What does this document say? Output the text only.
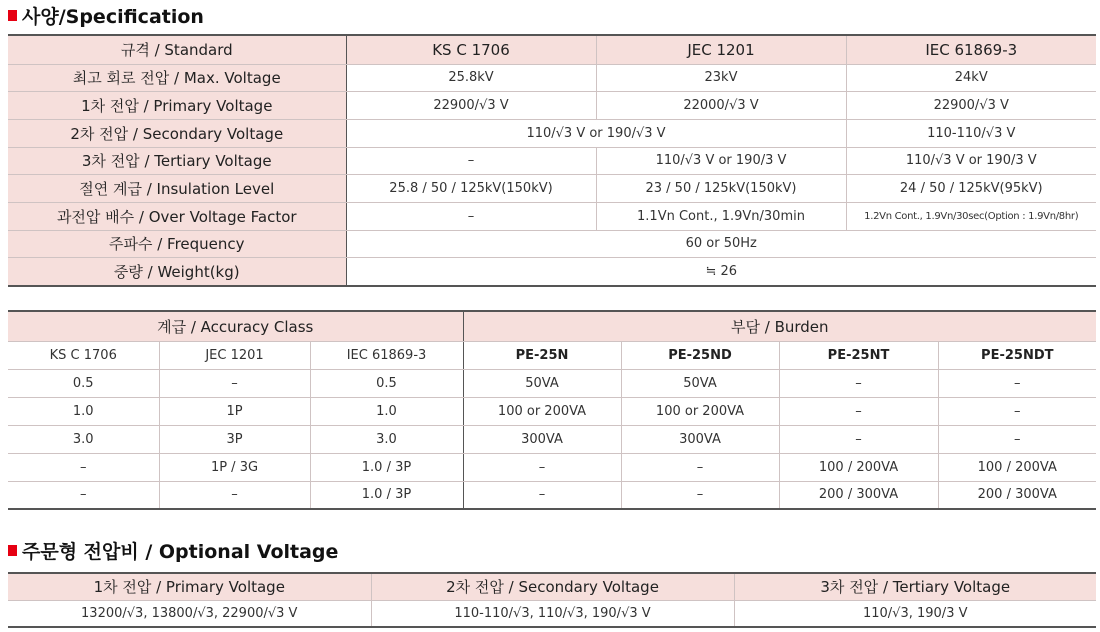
사양/Specification
규격 / Standard	KS C 1706	JEC 1201	IEC 61869-3
최고 회로 전압 / Max. Voltage	25.8kV	23kV	24kV
1차 전압 / Primary Voltage	22900/√3 V	22000/√3 V	22900/√3 V
2차 전압 / Secondary Voltage	110/√3 V or 190/√3 V		110-110/√3 V
3차 전압 / Tertiary Voltage	–	110/√3 V or 190/3 V	110/√3 V or 190/3 V
절연 계급 / Insulation Level	25.8 / 50 / 125kV(150kV)	23 / 50 / 125kV(150kV)	24 / 50 / 125kV(95kV)
과전압 배수 / Over Voltage Factor	–	1.1Vn Cont., 1.9Vn/30min	1.2Vn Cont., 1.9Vn/30sec(Option : 1.9Vn/8hr)
주파수 / Frequency	60 or 50Hz		
중량 / Weight(kg)	≒ 26		
계급 / Accuracy Class			부담 / Burden			
KS C 1706	JEC 1201	IEC 61869-3	PE-25N	PE-25ND	PE-25NT	PE-25NDT
0.5	–	0.5	50VA	50VA	–	–
1.0	1P	1.0	100 or 200VA	100 or 200VA	–	–
3.0	3P	3.0	300VA	300VA	–	–
–	1P / 3G	1.0 / 3P	–	–	100 / 200VA	100 / 200VA
–	–	1.0 / 3P	–	–	200 / 300VA	200 / 300VA
주문형 전압비 / Optional Voltage
1차 전압 / Primary Voltage	2차 전압 / Secondary Voltage	3차 전압 / Tertiary Voltage
13200/√3, 13800/√3, 22900/√3 V	110-110/√3, 110/√3, 190/√3 V	110/√3, 190/3 V
